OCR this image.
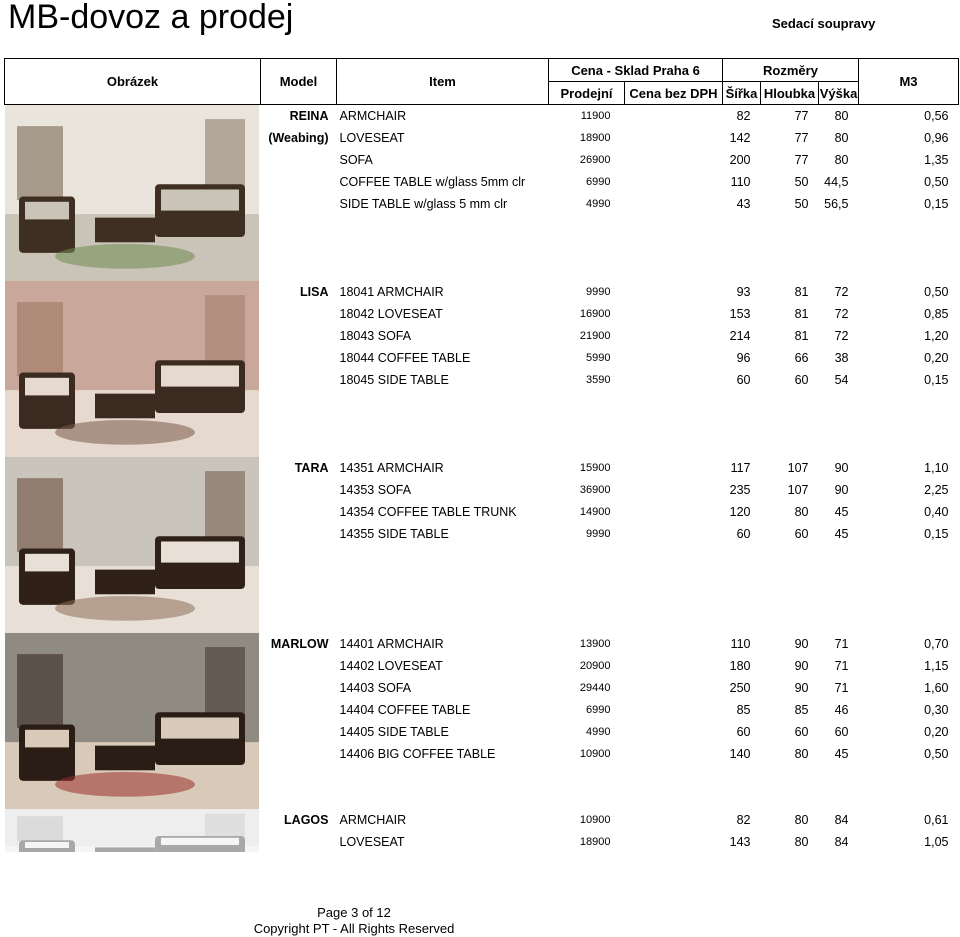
MB-dovoz a prodej	Sedací soupravy
Obrázek	Model	Item	Cena - Sklad Praha 6		Rozměry			M3
			Prodejní	Cena bez DPH	Šířka	Hloubka	Výška	

	REINA	ARMCHAIR	11900		82	77	80	0,56
	(Weabing)	LOVESEAT	18900		142	77	80	0,96
		SOFA	26900		200	77	80	1,35
		COFFEE TABLE w/glass 5mm clr	6990		110	50	44,5	0,50
		SIDE TABLE w/glass 5 mm clr	4990		43	50	56,5	0,15

	LISA	18041 ARMCHAIR	9990		93	81	72	0,50
		18042 LOVESEAT	16900		153	81	72	0,85
		18043 SOFA	21900		214	81	72	1,20
		18044 COFFEE TABLE	5990		96	66	38	0,20
		18045 SIDE TABLE	3590		60	60	54	0,15

	TARA	14351 ARMCHAIR	15900		117	107	90	1,10
		14353 SOFA	36900		235	107	90	2,25
		14354 COFFEE TABLE TRUNK	14900		120	80	45	0,40
		14355 SIDE TABLE	9990		60	60	45	0,15

	MARLOW	14401 ARMCHAIR	13900		110	90	71	0,70
		14402 LOVESEAT	20900		180	90	71	1,15
		14403 SOFA	29440		250	90	71	1,60
		14404 COFFEE TABLE	6990		85	85	46	0,30
		14405 SIDE TABLE	4990		60	60	60	0,20
		14406 BIG COFFEE TABLE	10900		140	80	45	0,50

	LAGOS	ARMCHAIR	10900		82	80	84	0,61
		LOVESEAT	18900		143	80	84	1,05

Page 3 of 12
Copyright PT - All Rights Reserved
